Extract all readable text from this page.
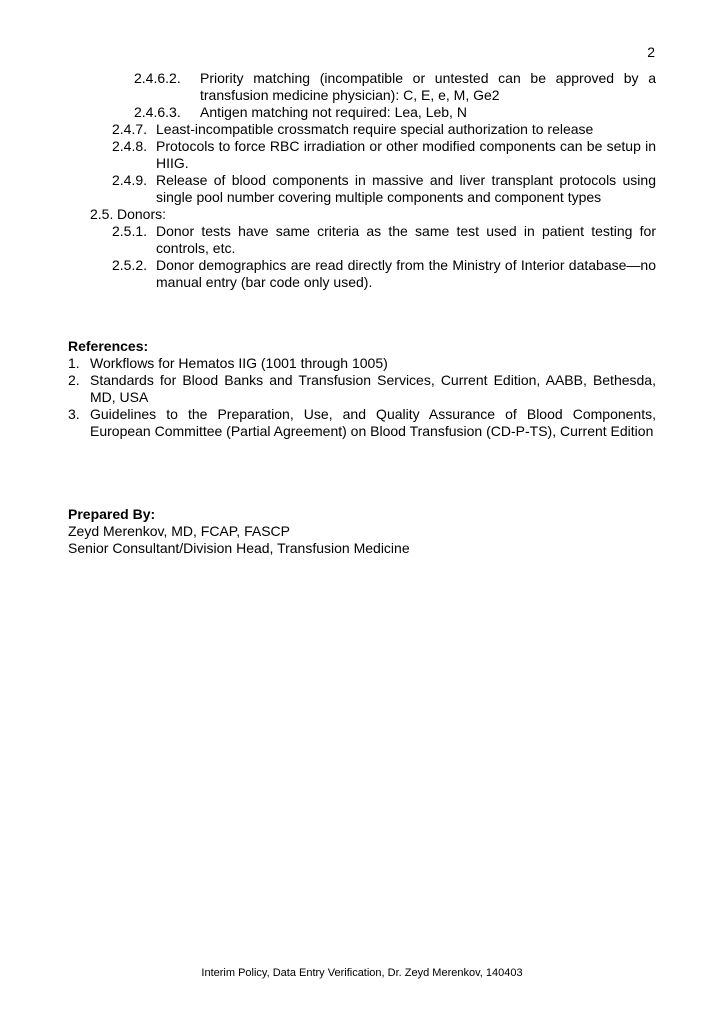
2
2.4.6.2.	Priority matching (incompatible or untested can be approved by a transfusion medicine physician): C, E, e, M, Ge2
2.4.6.3.	Antigen matching not required: Lea, Leb, N
2.4.7. Least-incompatible crossmatch require special authorization to release
2.4.8. Protocols to force RBC irradiation or other modified components can be setup in HIIG.
2.4.9. Release of blood components in massive and liver transplant protocols using single pool number covering multiple components and component types
2.5. Donors:
2.5.1. Donor tests have same criteria as the same test used in patient testing for controls, etc.
2.5.2. Donor demographics are read directly from the Ministry of Interior database—no manual entry (bar code only used).
References:
1. Workflows for Hematos IIG (1001 through 1005)
2. Standards for Blood Banks and Transfusion Services, Current Edition, AABB, Bethesda, MD, USA
3. Guidelines to the Preparation, Use, and Quality Assurance of Blood Components, European Committee (Partial Agreement) on Blood Transfusion (CD-P-TS), Current Edition
Prepared By:
Zeyd Merenkov, MD, FCAP, FASCP
Senior Consultant/Division Head, Transfusion Medicine
Interim Policy, Data Entry Verification, Dr. Zeyd Merenkov, 140403
